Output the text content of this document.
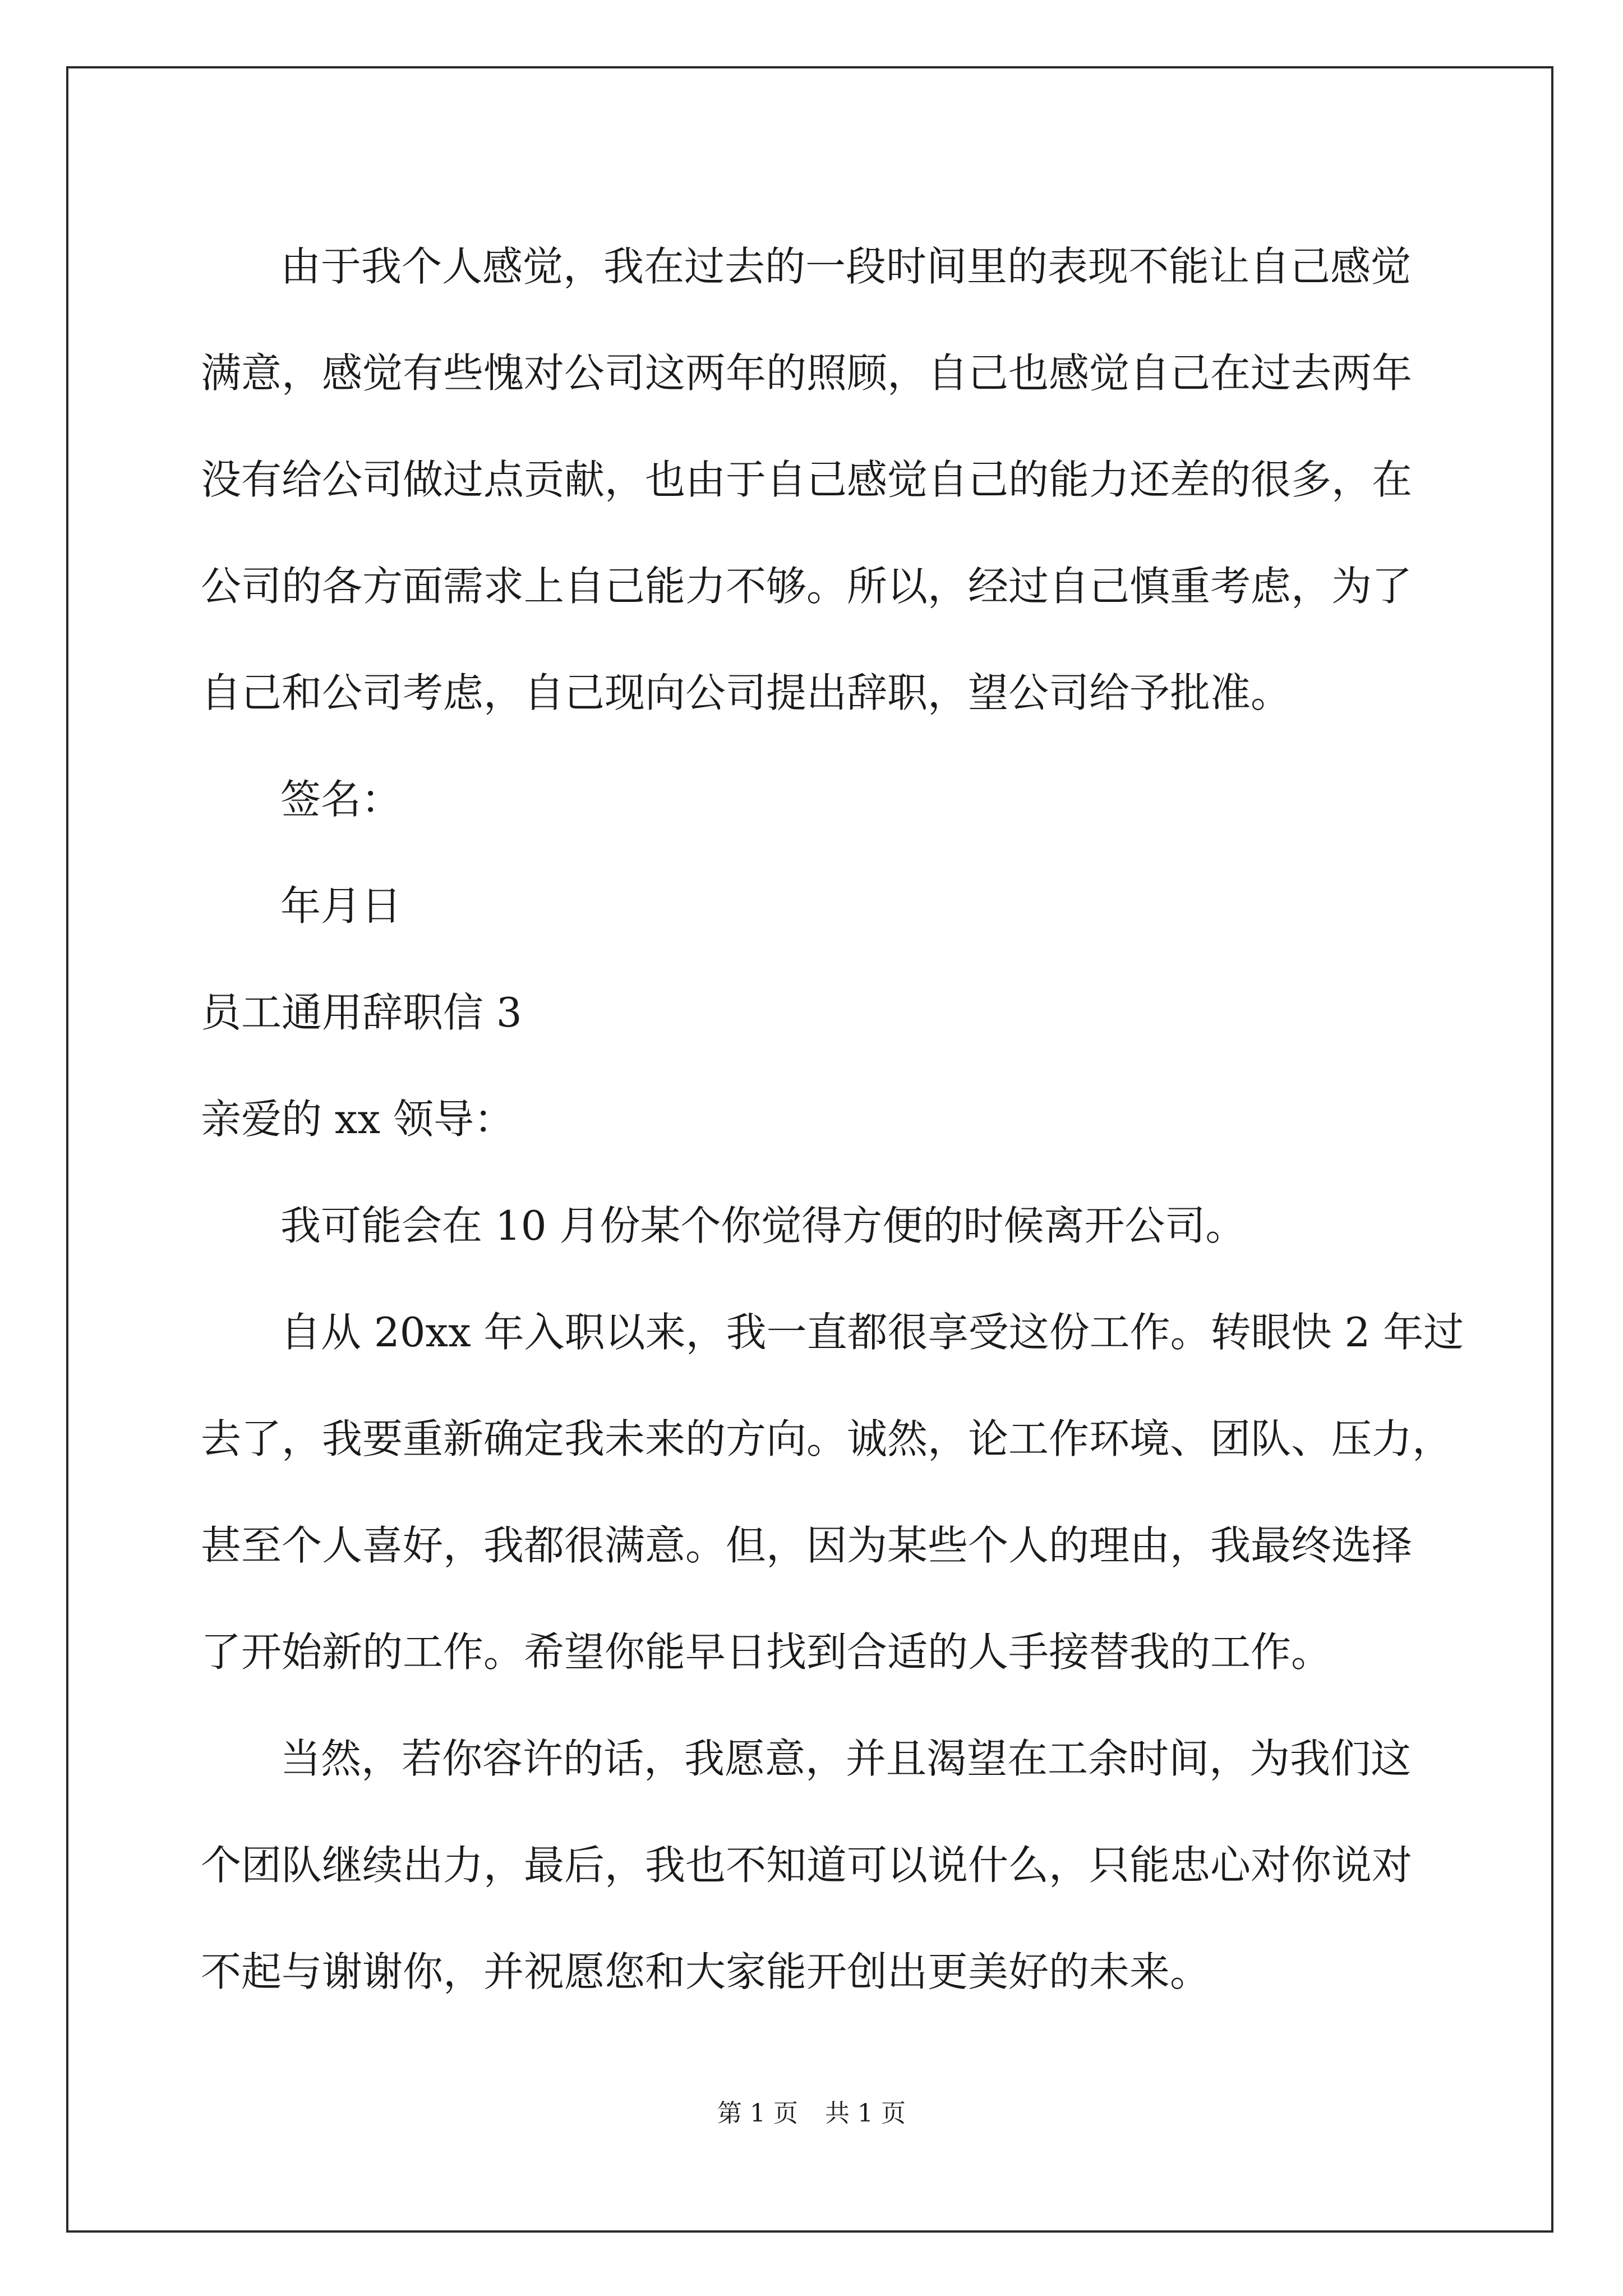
由于我个人感觉，我在过去的一段时间里的表现不能让自己感觉
满意，感觉有些愧对公司这两年的照顾，自己也感觉自己在过去两年
没有给公司做过点贡献，也由于自己感觉自己的能力还差的很多，在
公司的各方面需求上自己能力不够。所以，经过自己慎重考虑，为了
自己和公司考虑，自己现向公司提出辞职，望公司给予批准。
签名：
年月日
员工通用辞职信 3
亲爱的 xx 领导：
我可能会在 10 月份某个你觉得方便的时候离开公司。
自从 20xx 年入职以来，我一直都很享受这份工作。转眼快 2 年过
去了，我要重新确定我未来的方向。诚然，论工作环境、团队、压力，
甚至个人喜好，我都很满意。但，因为某些个人的理由，我最终选择
了开始新的工作。希望你能早日找到合适的人手接替我的工作。
当然，若你容许的话，我愿意，并且渴望在工余时间，为我们这
个团队继续出力，最后，我也不知道可以说什么，只能忠心对你说对
不起与谢谢你，并祝愿您和大家能开创出更美好的未来。
第 1 页 共 1 页
